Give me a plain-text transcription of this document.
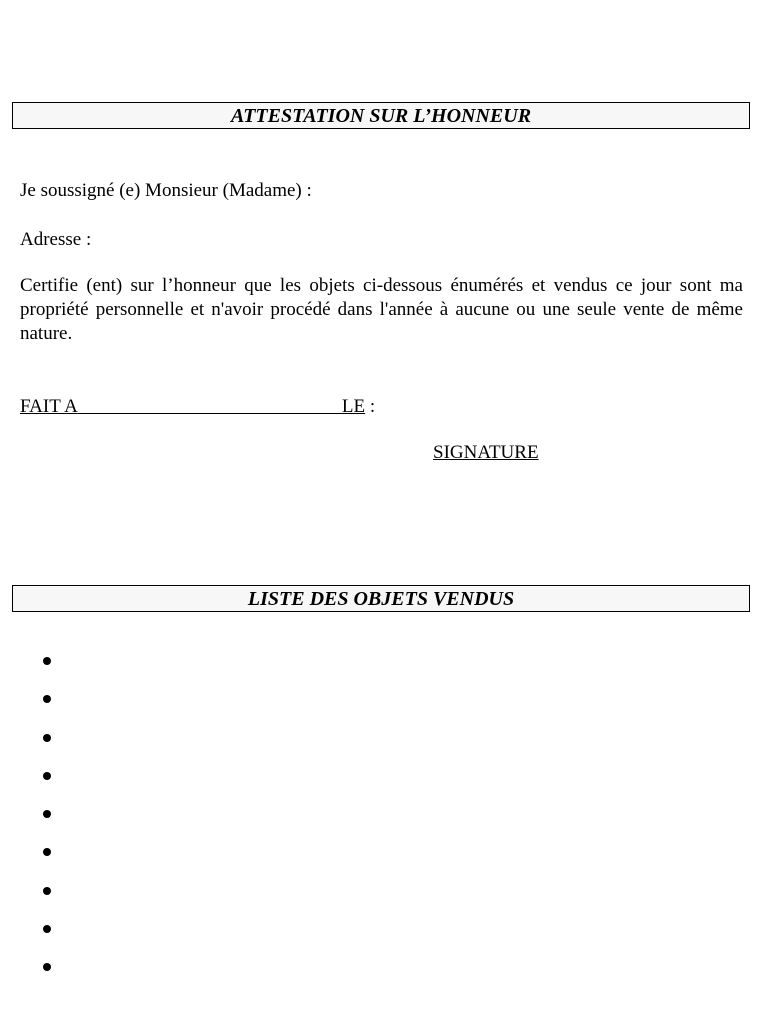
ATTESTATION SUR L’HONNEUR
Je soussigné (e) Monsieur (Madame) :
Adresse :
Certifie (ent) sur l’honneur que les objets ci-dessous énumérés et vendus ce jour sont ma propriété personnelle et n'avoir procédé dans l'année à aucune ou une seule vente de même nature.
FAIT A	LE :
SIGNATURE
LISTE DES OBJETS VENDUS
